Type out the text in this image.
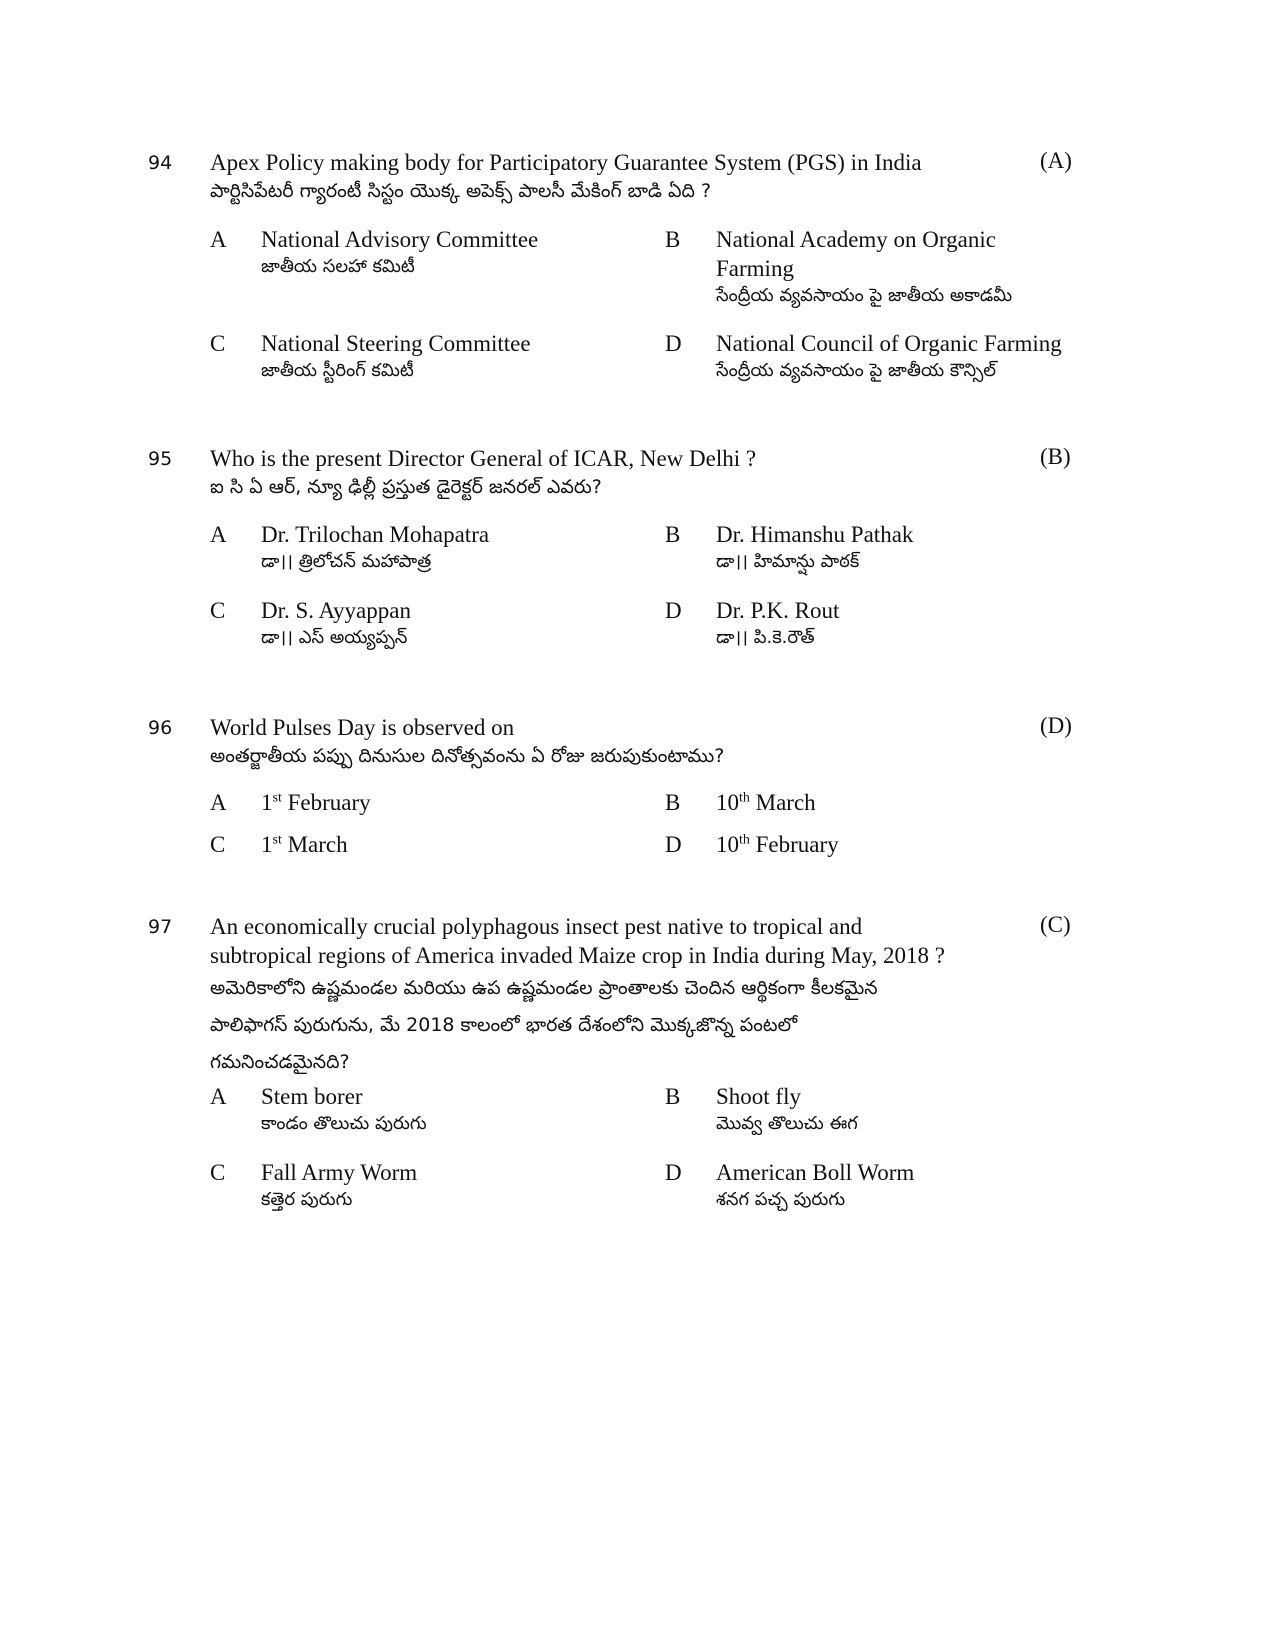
94 Apex Policy making body for Participatory Guarantee System (PGS) in India
పార్టిసిపేటరీ గ్యారంటీ సిస్టం యొక్క అపెక్స్ పాలసీ మేకింగ్ బాడి ఏది ?
(A)
A National Advisory Committee
జాతీయ సలహా కమిటీ
B National Academy on Organic Farming
సేంద్రీయ వ్యవసాయం పై జాతీయ అకాడమీ
C National Steering Committee
జాతీయ స్టీరింగ్ కమిటీ
D National Council of Organic Farming
సేంద్రీయ వ్యవసాయం పై జాతీయ కౌన్సిల్
95 Who is the present Director General of ICAR, New Delhi ?
ఐ సి ఏ ఆర్, న్యూ ఢిల్లీ ప్రస్తుత డైరెక్టర్ జనరల్ ఎవరు?
(B)
A Dr. Trilochan Mohapatra
డా।। త్రిలోచన్ మహాపాత్ర
B Dr. Himanshu Pathak
డా।। హిమాన్షు పాఠక్
C Dr. S. Ayyappan
డా।। ఎస్ అయ్యప్పన్
D Dr. P.K. Rout
డా।। పి.కె.రౌత్
96 World Pulses Day is observed on
అంతర్జాతీయ పప్పు దినుసుల దినోత్సవంను ఏ రోజు జరుపుకుంటాము?
(D)
A 1st February	B 10th March
C 1st March	D 10th February
97 An economically crucial polyphagous insect pest native to tropical and
subtropical regions of America invaded Maize crop in India during May, 2018 ?
అమెరికాలోని ఉష్ణమండల మరియు ఉప ఉష్ణమండల ప్రాంతాలకు చెందిన ఆర్థికంగా కీలకమైన
పాలిఫాగస్ పురుగును, మే 2018 కాలంలో భారత దేశంలోని మొక్కజొన్న పంటలో
గమనించడమైనది?
(C)
A Stem borer
కాండం తొలుచు పురుగు
B Shoot fly
మొవ్వ తొలుచు ఈగ
C Fall Army Worm
కత్తెర పురుగు
D American Boll Worm
శనగ పచ్చ పురుగు
